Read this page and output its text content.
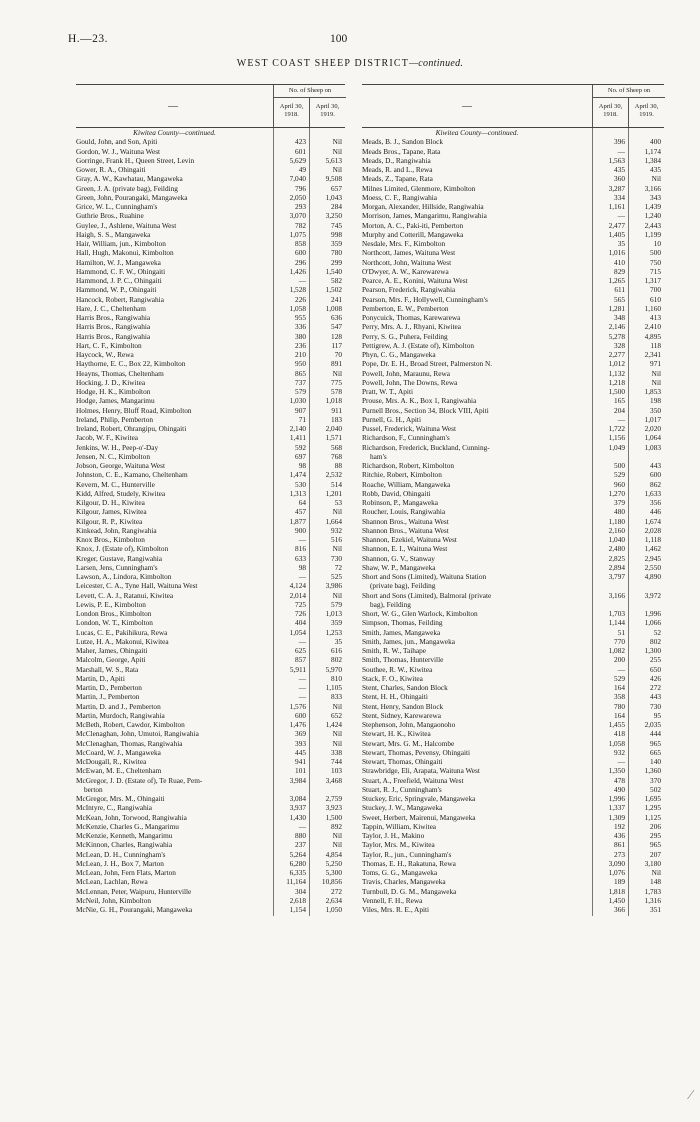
H.—23.	100
WEST COAST SHEEP DISTRICT—continued.
—
No. of Sheep on
April 30, 1918.
April 30, 1919.
Kiwitea County—continued.
Gould, John, and Son, Apiti	423	Nil
Gordon, W. J., Waituna West	601	Nil
Gorringe, Frank H., Queen Street, Levin	5,629	5,613
Gower, R. A., Ohingaiti	49	Nil
Gray, A. W., Kawhatau, Mangaweka	7,040	9,508
Green, J. A. (private bag), Feilding	796	657
Green, John, Pourangaki, Mangaweka	2,050	1,043
Grice, W. L., Cunningham's	293	284
Guthrie Bros., Ruahine	3,070	3,250
Guylee, J., Ashlene, Waituna West	782	745
Haigh, S. S., Mangaweka	1,075	998
Hair, William, jun., Kimbolton	858	359
Hall, Hugh, Makonui, Kimbolton	600	780
Hamilton, W. J., Mangaweka	296	299
Hammond, C. F. W., Ohingaiti	1,426	1,540
Hammond, J. P. C., Ohingaiti	—	582
Hammond, W. P., Ohingaiti	1,528	1,502
Hancock, Robert, Rangiwahia	226	241
Hare, J. C., Cheltenham	1,058	1,008
Harris Bros., Rangiwahia	955	636
Harris Bros., Rangiwahia	336	547
Harris Bros., Rangiwahia	380	128
Hart, C. F., Kimbolton	236	117
Haycock, W., Rewa	210	70
Haythorne, E. C., Box 22, Kimbolton	950	891
Heayns, Thomas, Cheltenham	865	Nil
Hocking, J. D., Kiwitea	737	775
Hodge, H. K., Kimbolton	579	578
Hodge, James, Mangarimu	1,030	1,018
Holmes, Henry, Bluff Road, Kimbolton	907	911
Ireland, Philip, Pemberton	71	183
Ireland, Robert, Ohrangipu, Ohingaiti	2,140	2,040
Jacob, W. F., Kiwitea	1,411	1,571
Jenkins, W. H., Peep-o'-Day	592	568
Jensen, N. C., Kimbolton	697	768
Jobson, George, Waituna West	98	88
Johnston, C. E., Kamano, Cheltenham	1,474	2,532
Kevern, M. C., Hunterville	530	514
Kidd, Alfred, Studely, Kiwitea	1,313	1,201
Kilgour, D. H., Kiwitea	64	53
Kilgour, James, Kiwitea	457	Nil
Kilgour, R. P., Kiwitea	1,877	1,664
Kinkead, John, Rangiwahia	900	932
Knox Bros., Kimbolton	—	516
Knox, J. (Estate of), Kimbolton	816	Nil
Kreger, Gustave, Rangiwahia	633	730
Larsen, Jens, Cunningham's	98	72
Lawson, A., Lindora, Kimbolton	—	525
Leicester, C. A., Tyne Hall, Waituna West	4,124	3,986
Levett, C. A. J., Ratanui, Kiwitea	2,014	Nil
Lewis, P. E., Kimbolton	725	579
London Bros., Kimbolton	726	1,013
London, W. T., Kimbolton	404	359
Lucas, C. E., Pakihikura, Rewa	1,054	1,253
Lutze, H. A., Makonui, Kiwitea	—	35
Maher, James, Ohingaiti	625	616
Malcolm, George, Apiti	857	802
Marshall, W. S., Rata	5,911	5,970
Martin, D., Apiti	—	810
Martin, D., Pemberton	—	1,105
Martin, J., Pemberton	—	833
Martin, D. and J., Pemberton	1,576	Nil
Martin, Murdoch, Rangiwahia	600	652
McBeth, Robert, Cawdor, Kimbolton	1,476	1,424
McClenaghan, John, Umutoi, Rangiwahia	369	Nil
McClenaghan, Thomas, Rangiwahia	393	Nil
McCoard, W. J., Mangaweka	445	338
McDougall, R., Kiwitea	941	744
McEwan, M. E., Cheltenham	101	103
McGregor, J. D. (Estate of), Te Ruae, Pem-	3,984	3,468
berton
McGregor, Mrs. M., Ohingaiti	3,084	2,759
McIntyre, C., Rangiwahia	3,937	3,923
McKean, John, Torwood, Rangiwahia	1,430	1,500
McKenzie, Charles G., Mangarimu	—	892
McKenzie, Kenneth, Mangarimu	880	Nil
McKinnon, Charles, Rangiwahia	237	Nil
McLean, D. H., Cunningham's	5,264	4,854
McLean, J. H., Box 7, Marton	6,280	5,250
McLean, John, Fern Flats, Marton	6,335	5,300
McLean, Lachlan, Rewa	11,164	10,856
McLennan, Peter, Waipuru, Hunterville	304	272
McNeil, John, Kimbolton	2,618	2,634
McNie, G. H., Pourangaki, Mangaweka	1,154	1,050
—
No. of Sheep on
April 30, 1918.
April 30, 1919.
Kiwitea County—continued.
Meads, B. J., Sandon Block	396	400
Meads Bros., Tapane, Rata	—	1,174
Meads, D., Rangiwahia	1,563	1,384
Meads, R. and L., Rewa	435	435
Meads, Z., Tapane, Rata	360	Nil
Milnes Limited, Glenmore, Kimbolton	3,287	3,166
Moess, C. F., Rangiwahia	334	343
Morgan, Alexander, Hillside, Rangiwahia	1,161	1,439
Morrison, James, Mangarimu, Rangiwahia	—	1,240
Morton, A. C., Paki-iti, Pemberton	2,477	2,443
Murphy and Cotterill, Mangaweka	1,405	1,199
Nesdale, Mrs. F., Kimbolton	35	10
Northcott, James, Waituna West	1,016	500
Northcott, John, Waituna West	410	750
O'Dwyer, A. W., Karewarewa	829	715
Pearce, A. E., Konini, Waituna West	1,265	1,317
Pearson, Frederick, Rangiwahia	611	700
Pearson, Mrs. F., Hollywell, Cunningham's	565	610
Pemberton, E. W., Pemberton	1,281	1,160
Ponycuick, Thomas, Karewarewa	348	413
Perry, Mrs. A. J., Rhyani, Kiwitea	2,146	2,410
Perry, S. G., Puhera, Feilding	5,278	4,895
Pettigrew, A. J. (Estate of), Kimbolton	328	118
Phyn, C. G., Mangaweka	2,277	2,341
Pope, Dr. E. H., Broad Street, Palmerston N.	1,012	971
Powell, John, Maraunu, Rewa	1,132	Nil
Powell, John, The Downs, Rewa	1,218	Nil
Pratt, W. T., Apiti	1,500	1,853
Prouse, Mrs. A. K., Box 1, Rangiwahia	165	198
Purnell Bros., Section 34, Block VIII, Apiti	204	350
Purnell, G. H., Apiti	—	1,017
Pussel, Frederick, Waituna West	1,722	2,020
Richardson, F., Cunningham's	1,156	1,064
Richardson, Frederick, Buckland, Cunning-	1,049	1,083
ham's
Richardson, Robert, Kimbolton	500	443
Ritchie, Robert, Kimbolton	529	600
Roache, William, Mangaweka	960	862
Robb, David, Ohingaiti	1,270	1,633
Robinson, P., Mangaweka	379	356
Roucher, Louis, Rangiwahia	480	446
Shannon Bros., Waituna West	1,180	1,674
Shannon Bros., Waituna West	2,160	2,028
Shannon, Ezekiel, Waituna West	1,040	1,118
Shannon, E. I., Waituna West	2,480	1,462
Shannon, G. V., Stanway	2,825	2,945
Shaw, W. P., Mangaweka	2,894	2,550
Short and Sons (Limited), Waituna Station	3,797	4,890
(private bag), Feilding
Short and Sons (Limited), Balmoral (private	3,166	3,972
bag), Feilding
Short, W. G., Glen Warlock, Kimbolton	1,703	1,996
Simpson, Thomas, Feilding	1,144	1,066
Smith, James, Mangaweka	51	52
Smith, James, jun., Mangaweka	770	802
Smith, R. W., Taihape	1,082	1,300
Smith, Thomas, Hunterville	200	255
Southee, R. W., Kiwitea	—	650
Stack, F. O., Kiwitea	529	426
Stent, Charles, Sandon Block	164	272
Stent, H. H., Ohingaiti	358	443
Stent, Henry, Sandon Block	780	730
Stent, Sidney, Karewarewa	164	95
Stephenson, John, Mangaonoho	1,455	2,035
Stewart, H. K., Kiwitea	418	444
Stewart, Mrs. G. M., Halcombe	1,058	965
Stewart, Thomas, Pevensy, Ohingaiti	932	665
Stewart, Thomas, Ohingaiti	—	140
Strawbridge, Eli, Arapata, Waituna West	1,350	1,360
Stuart, A., Freefield, Waituna West	478	370
Stuart, R. J., Cunningham's	490	502
Stuckey, Eric, Springvale, Mangaweka	1,996	1,695
Stuckey, J. W., Mangaweka	1,337	1,295
Sweet, Herbert, Mairenui, Mangaweka	1,309	1,125
Tappin, William, Kiwitea	192	206
Taylor, J. H., Makino	436	295
Taylor, Mrs. M., Kiwitea	861	965
Taylor, R., jun., Cunningham's	273	207
Thomas, E. H., Rakatuna, Rewa	3,090	3,180
Toms, G. G., Mangaweka	1,076	Nil
Travis, Charles, Mangaweka	189	148
Turnbull, D. G. M., Mangaweka	1,818	1,783
Vennell, F. H., Rewa	1,450	1,316
Viles, Mrs. R. E., Apiti	366	351
⁄
